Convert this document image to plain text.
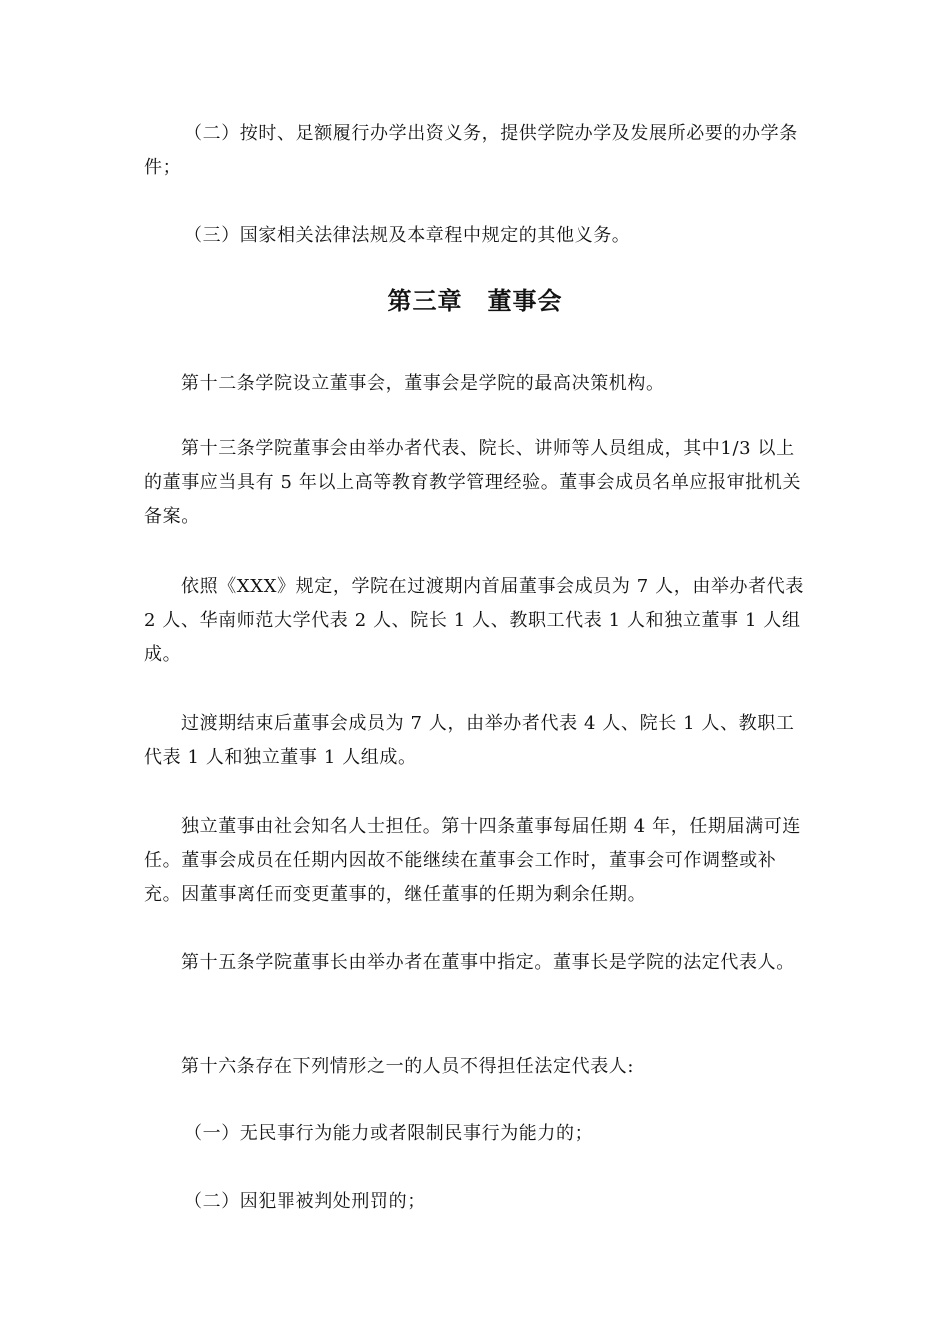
（二）按时、足额履行办学出资义务，提供学院办学及发展所必要的办学条件；

（三）国家相关法律法规及本章程中规定的其他义务。

第三章　董事会

第十二条学院设立董事会，董事会是学院的最高决策机构。

第十三条学院董事会由举办者代表、院长、讲师等人员组成，其中1/3 以上的董事应当具有 5 年以上高等教育教学管理经验。董事会成员名单应报审批机关备案。

依照《XXX》规定，学院在过渡期内首届董事会成员为 7 人，由举办者代表 2 人、华南师范大学代表 2 人、院长 1 人、教职工代表 1 人和独立董事 1 人组成。

过渡期结束后董事会成员为 7 人，由举办者代表 4 人、院长 1 人、教职工代表 1 人和独立董事 1 人组成。

独立董事由社会知名人士担任。第十四条董事每届任期 4 年，任期届满可连任。董事会成员在任期内因故不能继续在董事会工作时，董事会可作调整或补充。因董事离任而变更董事的，继任董事的任期为剩余任期。

第十五条学院董事长由举办者在董事中指定。董事长是学院的法定代表人。

第十六条存在下列情形之一的人员不得担任法定代表人:

（一）无民事行为能力或者限制民事行为能力的；

（二）因犯罪被判处刑罚的；
